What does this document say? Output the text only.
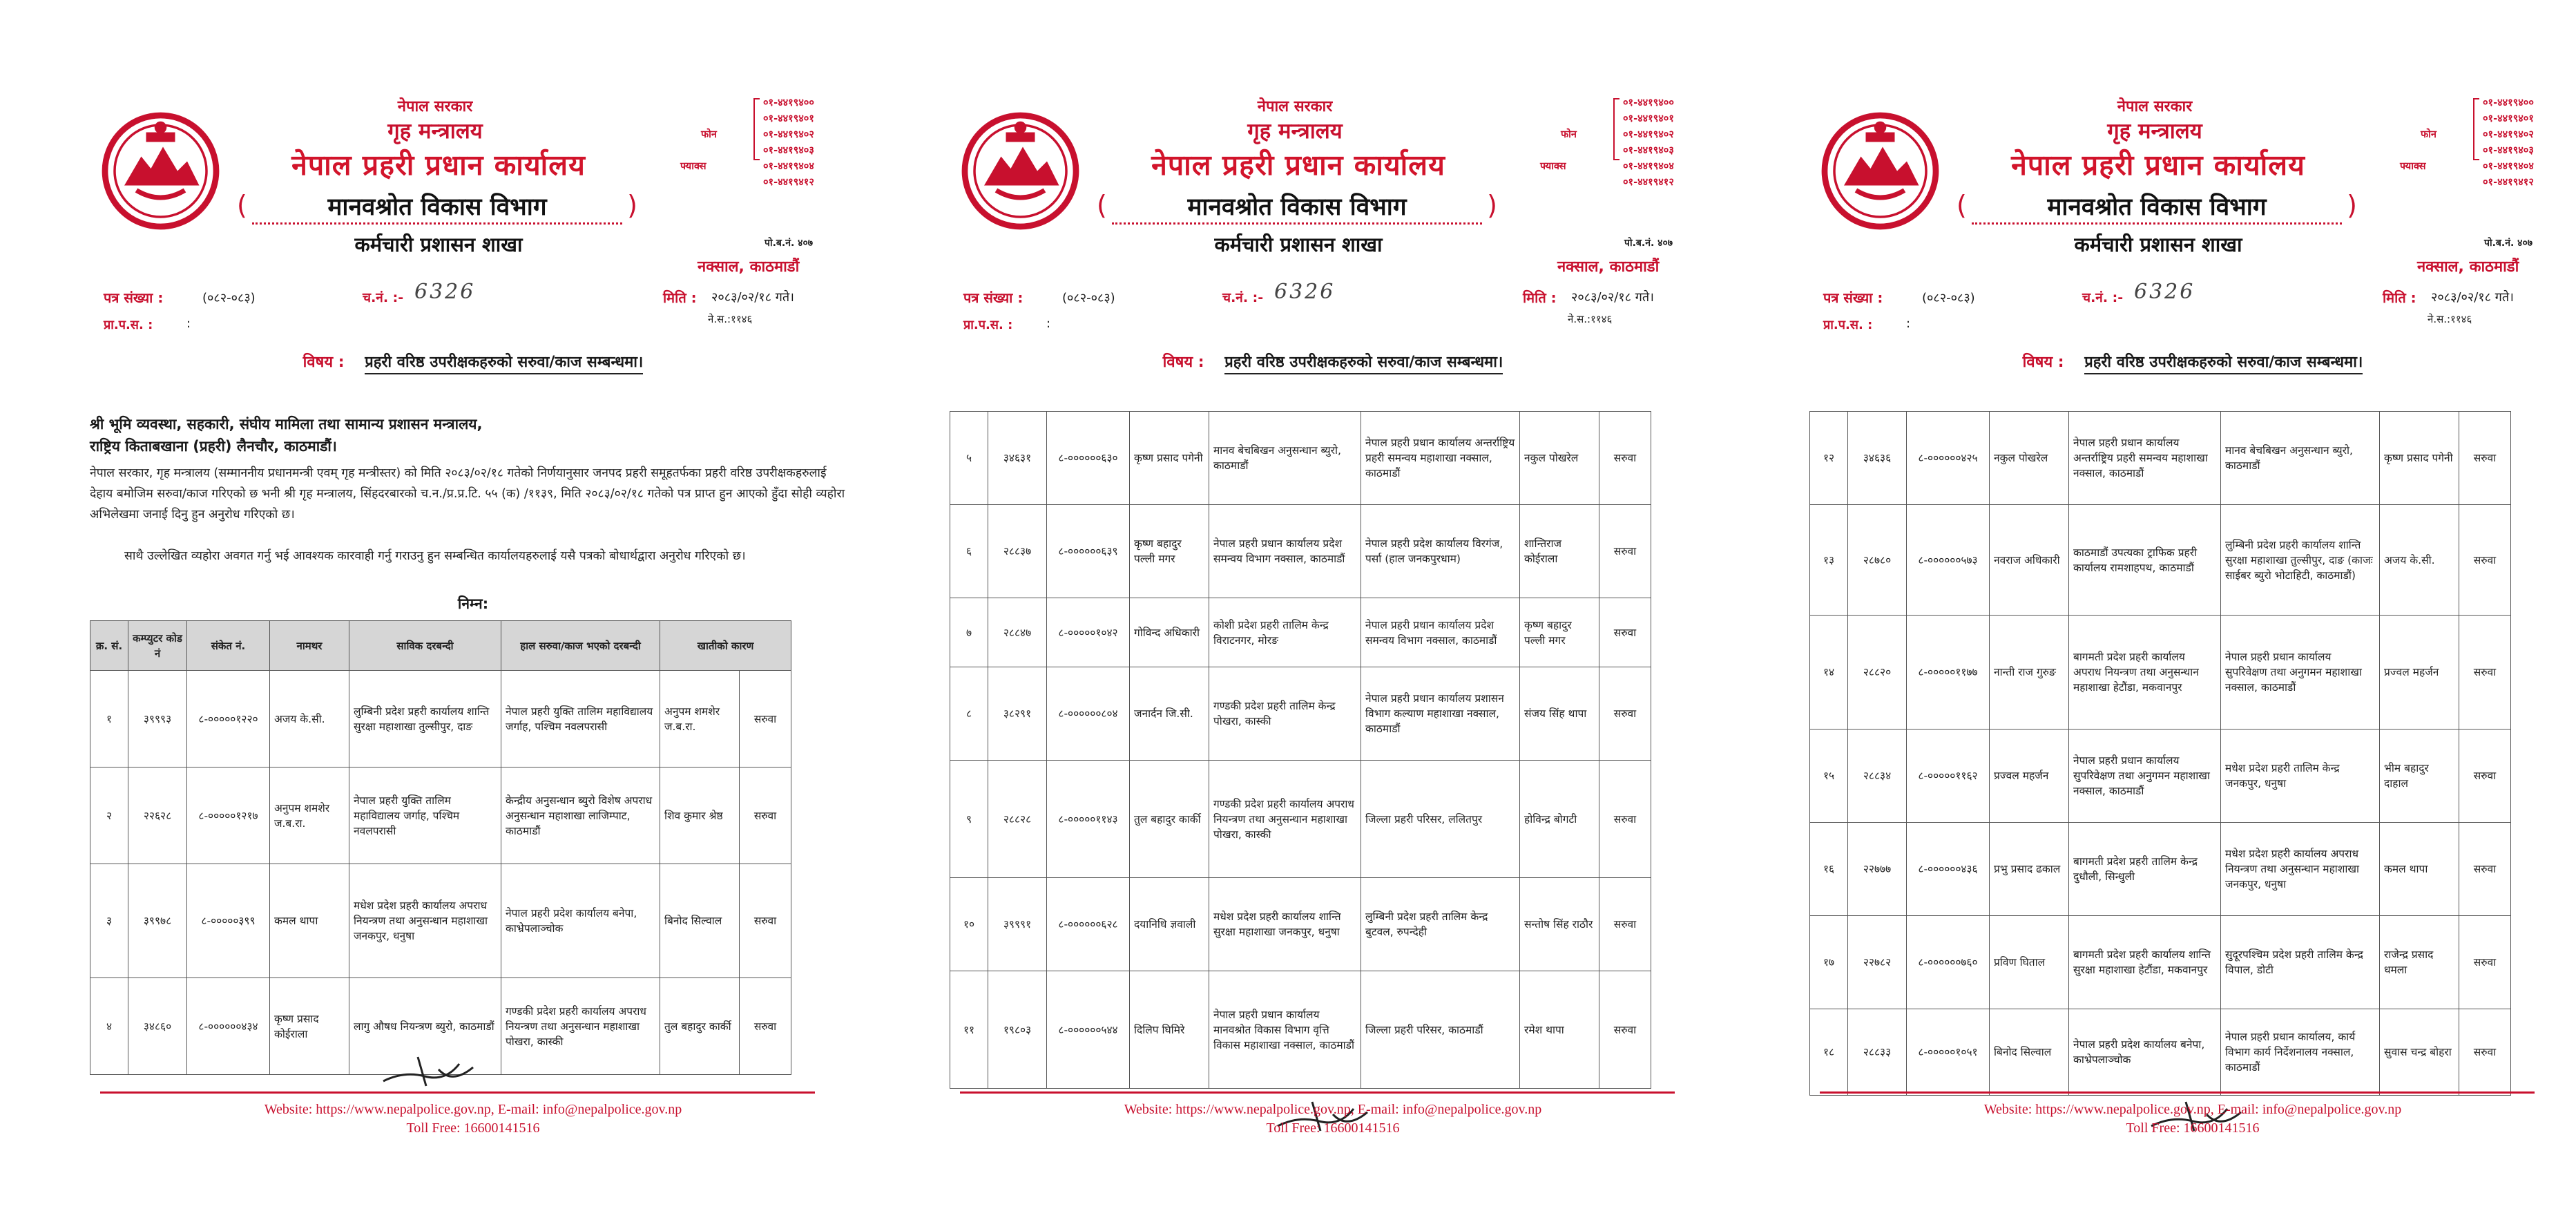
नेपाल सरकार
गृह मन्त्रालय
नेपाल प्रहरी प्रधान कार्यालय
(	मानवश्रोत विकास विभाग	)
कर्मचारी प्रशासन शाखा
फोन
फ्याक्स
०१-४४१९४००
०१-४४१९४०१
०१-४४१९४०२
०१-४४१९४०३
०१-४४१९४०४
०१-४४१९४१२
पो.ब.नं. ४०७
नक्साल, काठमाडौं
पत्र संख्या :	(०८२-०८३)	च.नं. :- 6326	मिति : २०८३/०२/१८ गते।
प्रा.प.स. :	:	ने.स.:११४६
विषय : प्रहरी वरिष्ठ उपरीक्षकहरुको सरुवा/काज सम्बन्धमा।
श्री भूमि व्यवस्था, सहकारी, संघीय मामिला तथा सामान्य प्रशासन मन्त्रालय,
राष्ट्रिय किताबखाना (प्रहरी) लैनचौर, काठमाडौं।
नेपाल सरकार, गृह मन्त्रालय (सम्माननीय प्रधानमन्त्री एवम् गृह मन्त्रीस्तर) को मिति २०८३/०२/१८ गतेको निर्णयानुसार जनपद प्रहरी समूहतर्फका प्रहरी वरिष्ठ उपरीक्षकहरुलाई देहाय बमोजिम सरुवा/काज गरिएको छ भनी श्री गृह मन्त्रालय, सिंहदरबारको च.न./प्र.प्र.टि. ५५ (क) /११३९, मिति २०८३/०२/१८ गतेको पत्र प्राप्त हुन आएको हुँदा सोही व्यहोरा अभिलेखमा जनाई दिनु हुन अनुरोध गरिएको छ।
साथै उल्लेखित व्यहोरा अवगत गर्नु भई आवश्यक कारवाही गर्नु गराउनु हुन सम्बन्धित कार्यालयहरुलाई यसै पत्रको बोधार्थद्वारा अनुरोध गरिएको छ।
निम्न:
क्र. सं.	कम्प्युटर कोड नं	संकेत नं.	नामथर	साविक दरबन्दी	हाल सरुवा/काज भएको दरबन्दी	खातीको कारण	
१	३९९९३	८-०००००१२२०	अजय के.सी.	लुम्बिनी प्रदेश प्रहरी कार्यालय शान्ति सुरक्षा महाशाखा तुल्सीपुर, दाङ	नेपाल प्रहरी युक्ति तालिम महाविद्यालय जर्गाह, पश्चिम नवलपरासी	अनुपम शमशेर ज.ब.रा.	सरुवा
२	२२६२८	८-०००००१२१७	अनुपम शमशेर ज.ब.रा.	नेपाल प्रहरी युक्ति तालिम महाविद्यालय जर्गाह, पश्चिम नवलपरासी	केन्द्रीय अनुसन्धान ब्युरो विशेष अपराध अनुसन्धान महाशाखा लाजिम्पाट, काठमाडौं	शिव कुमार श्रेष्ठ	सरुवा
३	३९९७८	८-०००००३९९	कमल थापा	मधेश प्रदेश प्रहरी कार्यालय अपराध नियन्त्रण तथा अनुसन्धान महाशाखा जनकपुर, धनुषा	नेपाल प्रहरी प्रदेश कार्यालय बनेपा, काभ्रेपलाञ्चोक	बिनोद सिल्वाल	सरुवा
४	३४८६०	८-००००००४३४	कृष्ण प्रसाद कोईराला	लागु औषध नियन्त्रण ब्युरो, काठमाडौं	गण्डकी प्रदेश प्रहरी कार्यालय अपराध नियन्त्रण तथा अनुसन्धान महाशाखा पोखरा, कास्की	तुल बहादुर कार्की	सरुवा
Website: https://www.nepalpolice.gov.np, E-mail: info@nepalpolice.gov.np
Toll Free: 16600141516
नेपाल सरकार
गृह मन्त्रालय
नेपाल प्रहरी प्रधान कार्यालय
(	मानवश्रोत विकास विभाग	)
कर्मचारी प्रशासन शाखा
फोन
फ्याक्स
०१-४४१९४००
०१-४४१९४०१
०१-४४१९४०२
०१-४४१९४०३
०१-४४१९४०४
०१-४४१९४१२
पो.ब.नं. ४०७
नक्साल, काठमाडौं
पत्र संख्या :	(०८२-०८३)	च.नं. :- 6326	मिति : २०८३/०२/१८ गते।
प्रा.प.स. :	:	ने.स.:११४६
विषय : प्रहरी वरिष्ठ उपरीक्षकहरुको सरुवा/काज सम्बन्धमा।
५	३४६३१	८-००००००६३०	कृष्ण प्रसाद पगेनी	मानव बेचबिखन अनुसन्धान ब्युरो, काठमाडौं	नेपाल प्रहरी प्रधान कार्यालय अन्तर्राष्ट्रिय प्रहरी समन्वय महाशाखा नक्साल, काठमाडौं	नकुल पोखरेल	सरुवा
६	२८८३७	८-००००००६३९	कृष्ण बहादुर पल्ली मगर	नेपाल प्रहरी प्रधान कार्यालय प्रदेश समन्वय विभाग नक्साल, काठमाडौं	नेपाल प्रहरी प्रदेश कार्यालय विरगंज, पर्सा (हाल जनकपुरधाम)	शान्तिराज कोईराला	सरुवा
७	२८८४७	८-०००००१०४२	गोविन्द अधिकारी	कोशी प्रदेश प्रहरी तालिम केन्द्र विराटनगर, मोरङ	नेपाल प्रहरी प्रधान कार्यालय प्रदेश समन्वय विभाग नक्साल, काठमाडौं	कृष्ण बहादुर पल्ली मगर	सरुवा
८	३८२९१	८-००००००८०४	जनार्दन जि.सी.	गण्डकी प्रदेश प्रहरी तालिम केन्द्र पोखरा, कास्की	नेपाल प्रहरी प्रधान कार्यालय प्रशासन विभाग कल्याण महाशाखा नक्साल, काठमाडौं	संजय सिंह थापा	सरुवा
९	२८८२८	८-०००००११४३	तुल बहादुर कार्की	गण्डकी प्रदेश प्रहरी कार्यालय अपराध नियन्त्रण तथा अनुसन्धान महाशाखा पोखरा, कास्की	जिल्ला प्रहरी परिसर, ललितपुर	होविन्द्र बोगटी	सरुवा
१०	३९९९१	८-००००००६२८	दयानिधि ज्ञवाली	मधेश प्रदेश प्रहरी कार्यालय शान्ति सुरक्षा महाशाखा जनकपुर, धनुषा	लुम्बिनी प्रदेश प्रहरी तालिम केन्द्र बुटवल, रुपन्देही	सन्तोष सिंह राठौर	सरुवा
११	१९८०३	८-००००००५४४	दिलिप घिमिरे	नेपाल प्रहरी प्रधान कार्यालय मानवश्रोत विकास विभाग वृत्ति विकास महाशाखा नक्साल, काठमाडौं	जिल्ला प्रहरी परिसर, काठमाडौं	रमेश थापा	सरुवा
Website: https://www.nepalpolice.gov.np, E-mail: info@nepalpolice.gov.np
Toll Free: 16600141516
नेपाल सरकार
गृह मन्त्रालय
नेपाल प्रहरी प्रधान कार्यालय
(	मानवश्रोत विकास विभाग	)
कर्मचारी प्रशासन शाखा
फोन
फ्याक्स
०१-४४१९४००
०१-४४१९४०१
०१-४४१९४०२
०१-४४१९४०३
०१-४४१९४०४
०१-४४१९४१२
पो.ब.नं. ४०७
नक्साल, काठमाडौं
पत्र संख्या :	(०८२-०८३)	च.नं. :- 6326	मिति : २०८३/०२/१८ गते।
प्रा.प.स. :	:	ने.स.:११४६
विषय : प्रहरी वरिष्ठ उपरीक्षकहरुको सरुवा/काज सम्बन्धमा।
१२	३४६३६	८-००००००४२५	नकुल पोखरेल	नेपाल प्रहरी प्रधान कार्यालय अन्तर्राष्ट्रिय प्रहरी समन्वय महाशाखा नक्साल, काठमाडौं	मानव बेचबिखन अनुसन्धान ब्युरो, काठमाडौं	कृष्ण प्रसाद पगेनी	सरुवा
१३	२८७८०	८-००००००५७३	नवराज अधिकारी	काठमाडौं उपत्यका ट्राफिक प्रहरी कार्यालय रामशाहपथ, काठमाडौं	लुम्बिनी प्रदेश प्रहरी कार्यालय शान्ति सुरक्षा महाशाखा तुल्सीपुर, दाङ (काजः साईबर ब्युरो भोटाहिटी, काठमाडौं)	अजय के.सी.	सरुवा
१४	२८८२०	८-०००००११७७	नान्ती राज गुरुङ	बागमती प्रदेश प्रहरी कार्यालय अपराध नियन्त्रण तथा अनुसन्धान महाशाखा हेटौंडा, मकवानपुर	नेपाल प्रहरी प्रधान कार्यालय सुपरिवेक्षण तथा अनुगमन महाशाखा नक्साल, काठमाडौं	प्रज्वल महर्जन	सरुवा
१५	२८८३४	८-०००००११६२	प्रज्वल महर्जन	नेपाल प्रहरी प्रधान कार्यालय सुपरिवेक्षण तथा अनुगमन महाशाखा नक्साल, काठमाडौं	मधेश प्रदेश प्रहरी तालिम केन्द्र जनकपुर, धनुषा	भीम बहादुर दाहाल	सरुवा
१६	२२७७७	८-००००००४३६	प्रभु प्रसाद ढकाल	बागमती प्रदेश प्रहरी तालिम केन्द्र दुधौली, सिन्धुली	मधेश प्रदेश प्रहरी कार्यालय अपराध नियन्त्रण तथा अनुसन्धान महाशाखा जनकपुर, धनुषा	कमल थापा	सरुवा
१७	२२७८२	८-००००००७६०	प्रविण घिताल	बागमती प्रदेश प्रहरी कार्यालय शान्ति सुरक्षा महाशाखा हेटौंडा, मकवानपुर	सुदूरपश्चिम प्रदेश प्रहरी तालिम केन्द्र विपाल, डोटी	राजेन्द्र प्रसाद धमला	सरुवा
१८	२८८३३	८-०००००१०५१	बिनोद सिल्वाल	नेपाल प्रहरी प्रदेश कार्यालय बनेपा, काभ्रेपलाञ्चोक	नेपाल प्रहरी प्रधान कार्यालय, कार्य विभाग कार्य निर्देशनालय नक्साल, काठमाडौं	सुवास चन्द्र बोहरा	सरुवा
Website: https://www.nepalpolice.gov.np, E-mail: info@nepalpolice.gov.np
Toll Free: 16600141516
